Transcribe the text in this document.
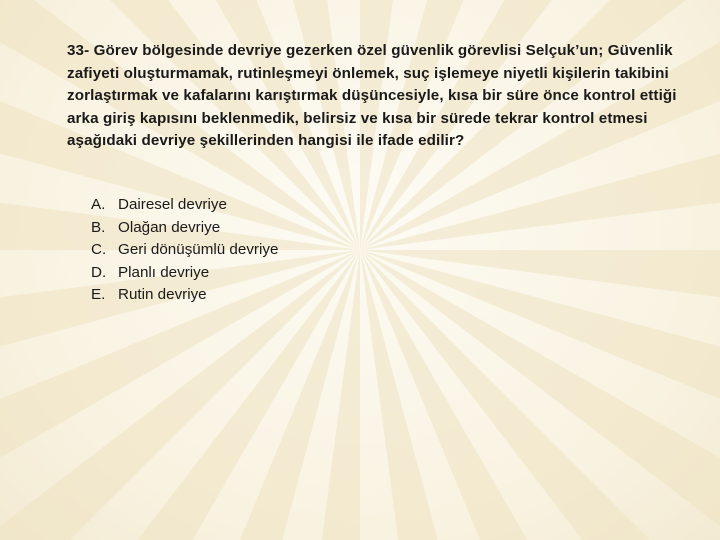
33- Görev bölgesinde devriye gezerken özel güvenlik görevlisi Selçuk’un; Güvenlik zafiyeti oluşturmamak, rutinleşmeyi önlemek, suç işlemeye niyetli kişilerin takibini zorlaştırmak ve kafalarını karıştırmak düşüncesiyle, kısa bir süre önce kontrol ettiği arka giriş kapısını beklenmedik, belirsiz ve kısa bir sürede tekrar kontrol etmesi aşağıdaki devriye şekillerinden hangisi ile ifade edilir?

A. Dairesel devriye
B. Olağan devriye
C. Geri dönüşümlü devriye
D. Planlı devriye
E. Rutin devriye
